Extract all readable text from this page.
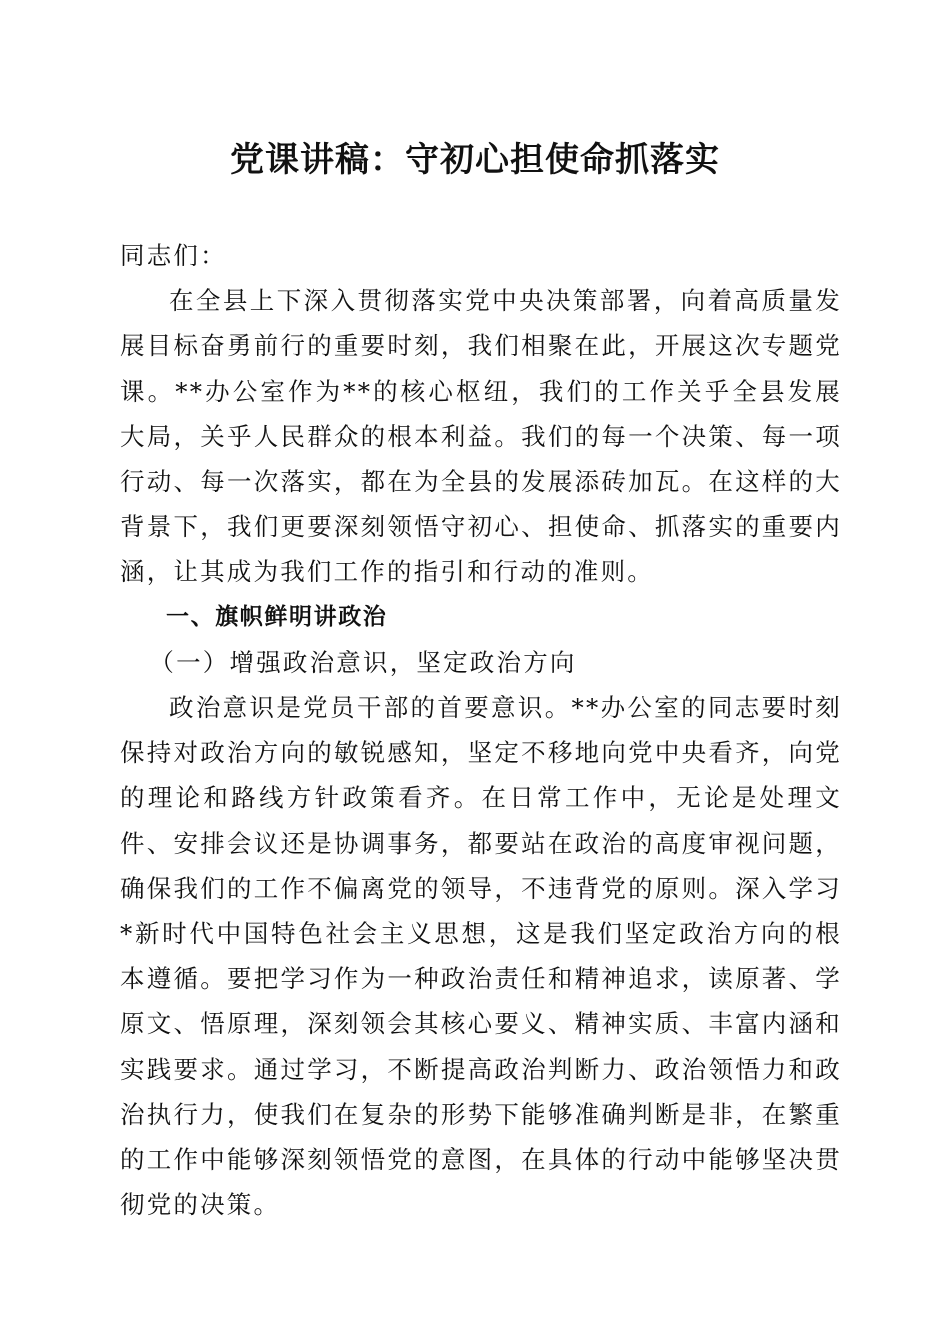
党课讲稿：守初心担使命抓落实

同志们：

在全县上下深入贯彻落实党中央决策部署，向着高质量发展目标奋勇前行的重要时刻，我们相聚在此，开展这次专题党课。**办公室作为**的核心枢纽，我们的工作关乎全县发展大局，关乎人民群众的根本利益。我们的每一个决策、每一项行动、每一次落实，都在为全县的发展添砖加瓦。在这样的大背景下，我们更要深刻领悟守初心、担使命、抓落实的重要内涵，让其成为我们工作的指引和行动的准则。

一、旗帜鲜明讲政治

（一）增强政治意识，坚定政治方向

政治意识是党员干部的首要意识。**办公室的同志要时刻保持对政治方向的敏锐感知，坚定不移地向党中央看齐，向党的理论和路线方针政策看齐。在日常工作中，无论是处理文件、安排会议还是协调事务，都要站在政治的高度审视问题，确保我们的工作不偏离党的领导，不违背党的原则。深入学习*新时代中国特色社会主义思想，这是我们坚定政治方向的根本遵循。要把学习作为一种政治责任和精神追求，读原著、学原文、悟原理，深刻领会其核心要义、精神实质、丰富内涵和实践要求。通过学习，不断提高政治判断力、政治领悟力和政治执行力，使我们在复杂的形势下能够准确判断是非，在繁重的工作中能够深刻领悟党的意图，在具体的行动中能够坚决贯彻党的决策。
